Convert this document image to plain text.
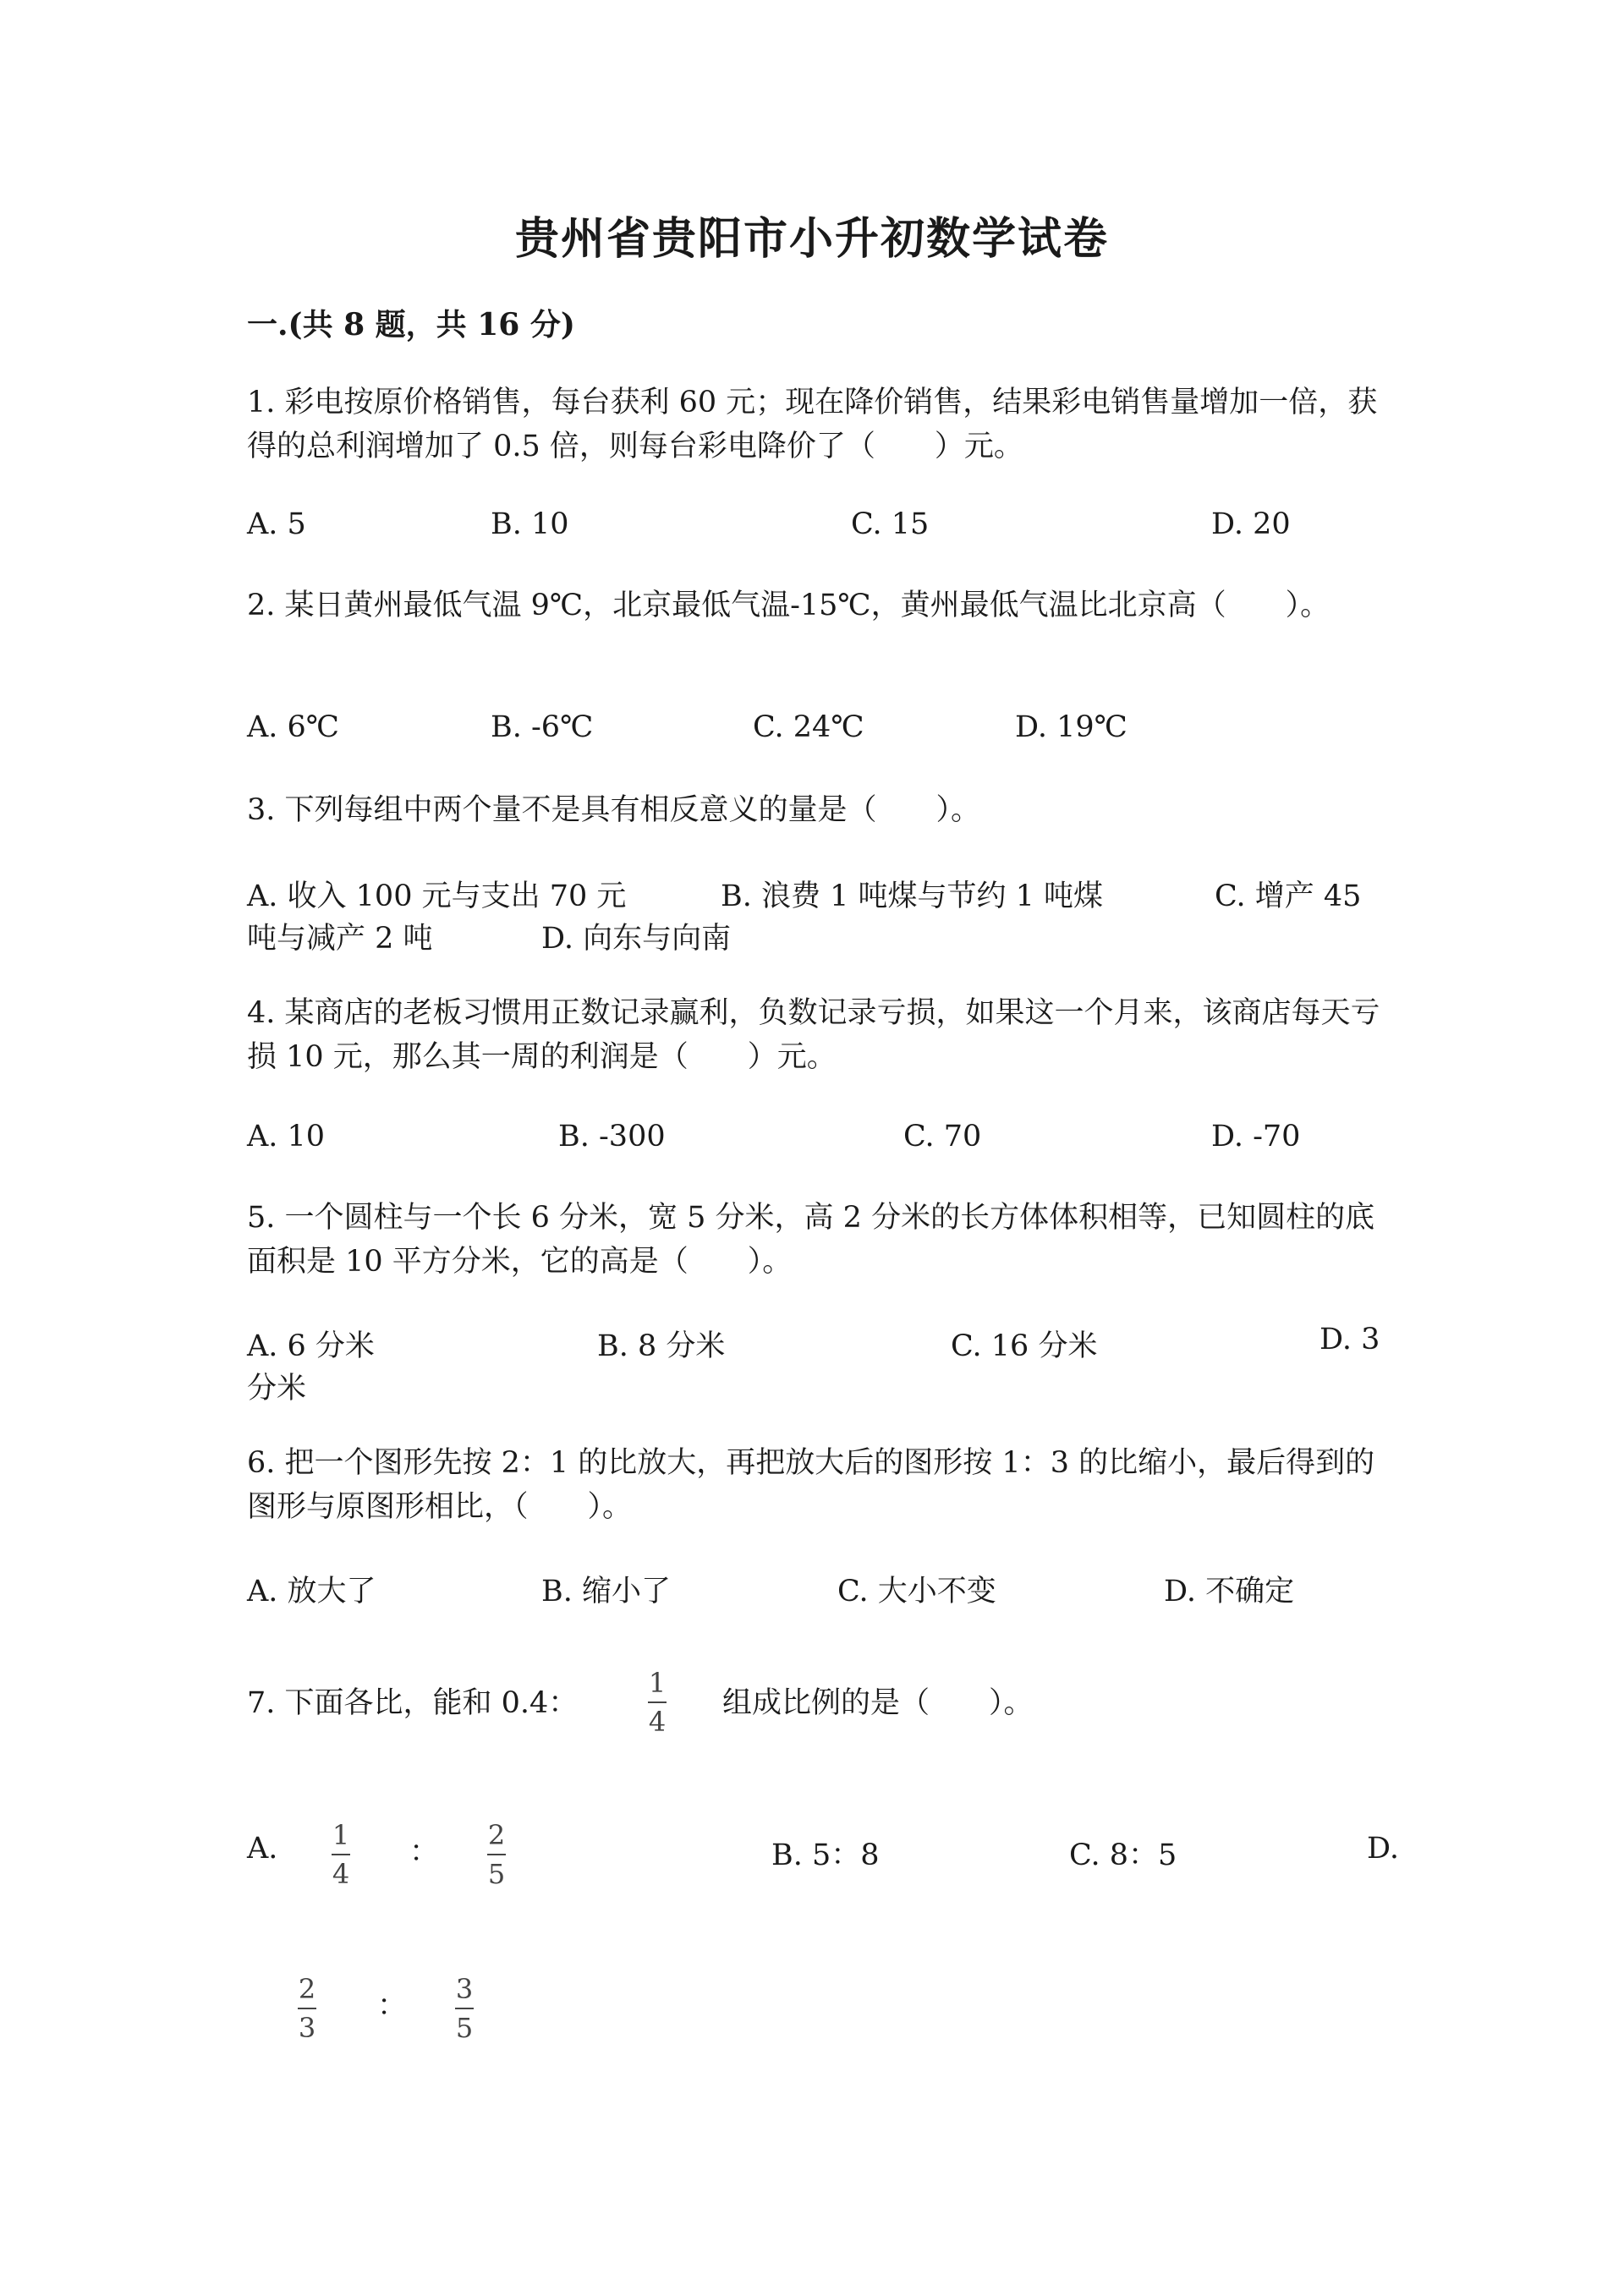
贵州省贵阳市小升初数学试卷
一.(共 8 题，共 16 分)
1. 彩电按原价格销售，每台获利 60 元；现在降价销售，结果彩电销售量增加一倍，获得的总利润增加了 0.5 倍，则每台彩电降价了（　　）元。
A. 5	B. 10	C. 15	D. 20
2. 某日黄州最低气温 9℃，北京最低气温-15℃，黄州最低气温比北京高（　　）。
A. 6℃	B. -6℃	C. 24℃	D. 19℃
3. 下列每组中两个量不是具有相反意义的量是（　　）。
A. 收入 100 元与支出 70 元	B. 浪费 1 吨煤与节约 1 吨煤	C. 增产 45
吨与减产 2 吨	D. 向东与向南
4. 某商店的老板习惯用正数记录赢利，负数记录亏损，如果这一个月来，该商店每天亏损 10 元，那么其一周的利润是（　　）元。
A. 10	B. -300	C. 70	D. -70
5. 一个圆柱与一个长 6 分米，宽 5 分米，高 2 分米的长方体体积相等，已知圆柱的底面积是 10 平方分米，它的高是（　　）。
A. 6 分米	B. 8 分米	C. 16 分米	D. 3
分米
6. 把一个图形先按 2：1 的比放大，再把放大后的图形按 1：3 的比缩小，最后得到的图形与原图形相比，（　　）。
A. 放大了	B. 缩小了	C. 大小不变	D. 不确定
7. 下面各比，能和 0.4：
1
4
组成比例的是（　　）。
A. 1
4
： 2
5
B. 5：8	C. 8：5	D.
2
3
： 3
5
